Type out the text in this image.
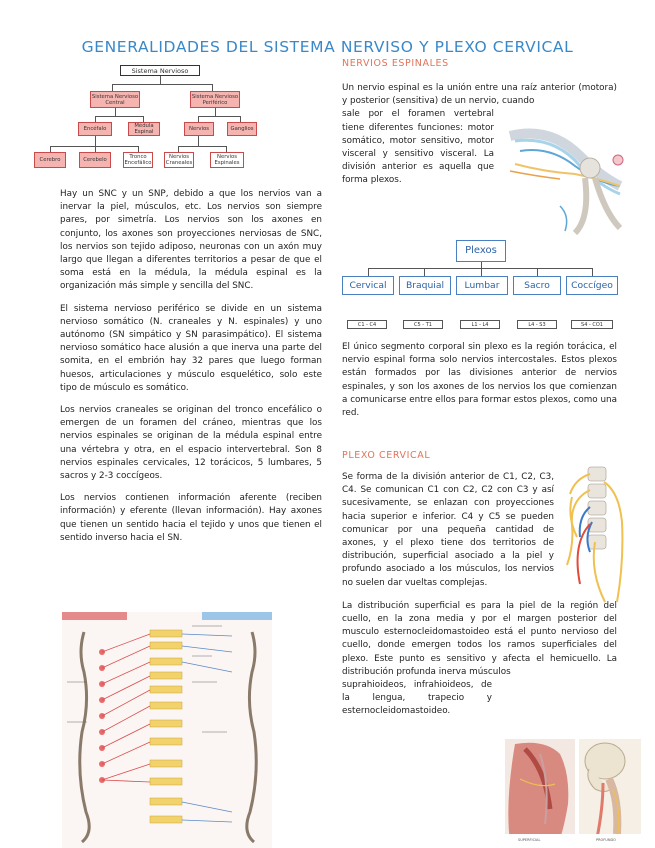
GENERALIDADES DEL SISTEMA NERVISO Y PLEXO CERVICAL
Sistema Nervioso
Sistema Nervioso Central
Sistema Nervioso Periférico
Encéfalo	Médula Espinal	Nervios	Ganglios
Cerebro	Cerebelo	Tronco Encefálico
Nervios Craneales
Nervios Espinales

Hay un SNC y un SNP, debido a que los nervios van a inervar la piel, músculos, etc. Los nervios son siempre pares, por simetría. Los nervios son los axones en conjunto, los axones son proyecciones nerviosas de SNC, los nervios son tejido adiposo, neuronas con un axón muy largo que llegan a diferentes territorios a pesar de que el soma está en la médula, la médula espinal es la organización más simple y sencilla del SNC.

El sistema nervioso periférico se divide en un sistema nervioso somático (N. craneales y N. espinales) y uno autónomo (SN simpático y SN parasimpático). El sistema nervioso somático hace alusión a que inerva una parte del somita, en el embrión hay 32 pares que luego forman huesos, articulaciones y músculo esquelético, solo este tipo de músculo es somático.

Los nervios craneales se originan del tronco encefálico o emergen de un foramen del cráneo, mientras que los nervios espinales se originan de la médula espinal entre una vértebra y otra, en el espacio intervertebral. Son 8 nervios espinales cervicales, 12 torácicos, 5 lumbares, 5 sacros y 2-3 coccígeos.

Los nervios contienen información aferente (reciben información) y eferente (llevan información). Hay axones que tienen un sentido hacia el tejido y unos que tienen el sentido inverso hacia el SN.

NERVIOS ESPINALES

Un nervio espinal es la unión entre una raíz anterior (motora) y posterior (sensitiva) de un nervio, cuando

sale por el foramen vertebral tiene diferentes funciones: motor somático, motor sensitivo, motor visceral y sensitivo visceral. La división anterior es aquella que forma plexos.

Plexos
Cervical	Braquial	Lumbar	Sacro	Coccígeo
C1 - C4	C5 - T1	L1 - L4	L4 - S3	S4 - CO1

El único segmento corporal sin plexo es la región torácica, el nervio espinal forma solo nervios intercostales. Estos plexos están formados por las divisiones anterior de nervios espinales, y son los axones de los nervios los que comienzan a comunicarse entre ellos para formar estos plexos, como una red.

PLEXO CERVICAL

Se forma de la división anterior de C1, C2, C3, C4. Se comunican C1 con C2, C2 con C3 y así sucesivamente, se enlazan con proyecciones hacia superior e inferior. C4 y C5 se pueden comunicar por una pequeña cantidad de axones, y el plexo tiene dos territorios de distribución, superficial asociado a la piel y profundo asociado a los músculos, los nervios no suelen dar vueltas complejas.

La distribución superficial es para la piel de la región del cuello, en la zona media y por el margen posterior del musculo esternocleidomastoideo está el punto nervioso del cuello, donde emergen todos los ramos superficiales del plexo. Este punto es sensitivo y afecta el hemicuello. La distribución profunda inerva músculos

suprahioideos, infrahioideos, de la lengua, trapecio y esternocleidomastoideo.

SUPERFICIAL	PROFUNDO
